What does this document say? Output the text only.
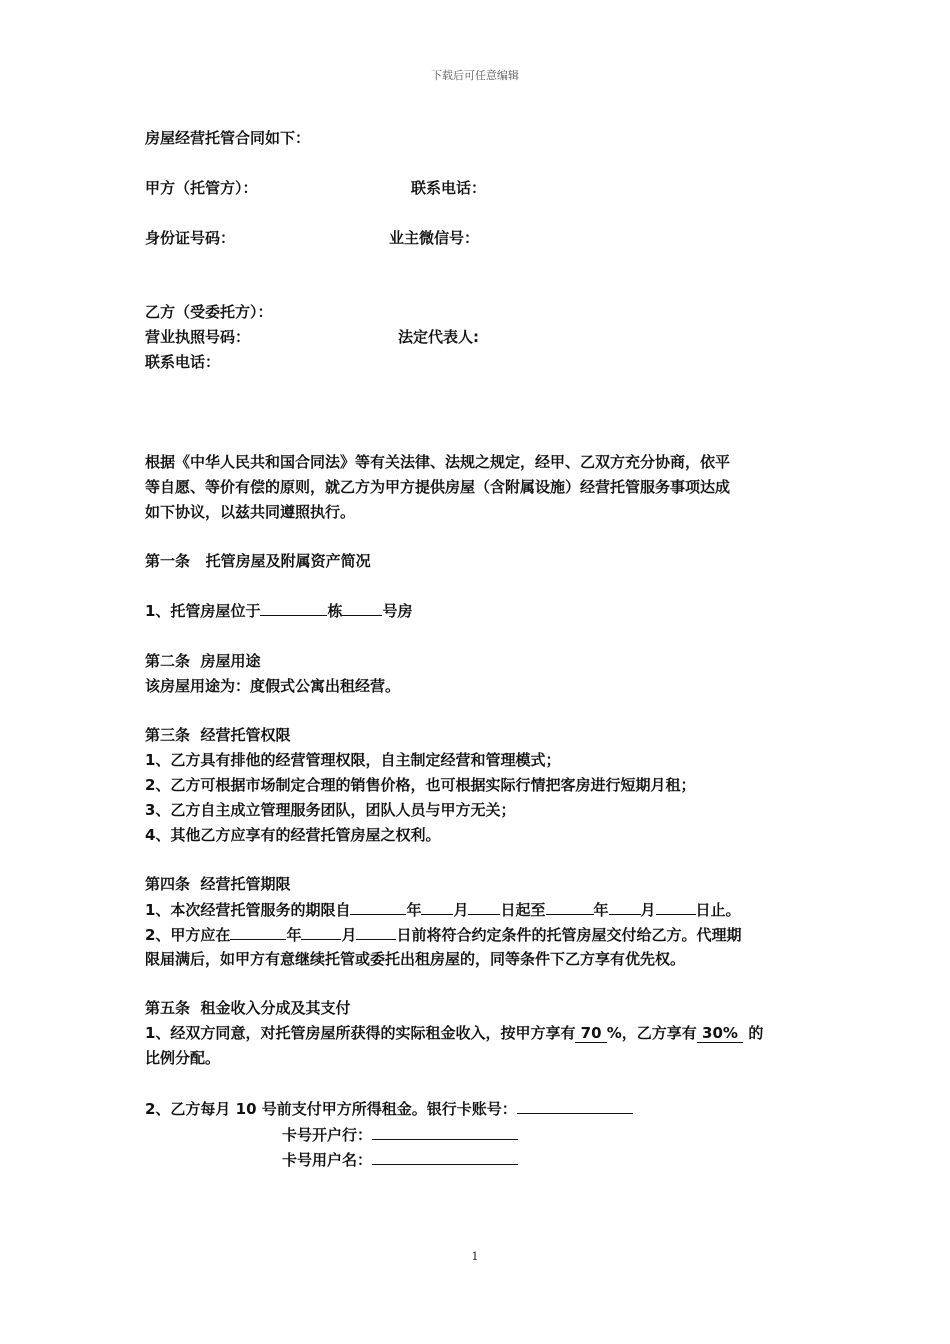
下载后可任意编辑
房屋经营托管合同如下：
甲方（托管方）：	联系电话：
身份证号码：	业主微信号：
乙方（受委托方）：
营业执照号码：	法定代表人:
联系电话：
根据《中华人民共和国合同法》等有关法律、法规之规定，经甲、乙双方充分协商，依平
等自愿、等价有偿的原则，就乙方为甲方提供房屋（含附属设施）经营托管服务事项达成
如下协议，以兹共同遵照执行。
第一条   托管房屋及附属资产简况
1、托管房屋位于	栋	号房
第二条  房屋用途
该房屋用途为：度假式公寓出租经营。
第三条  经营托管权限
1、乙方具有排他的经营管理权限，自主制定经营和管理模式；
2、乙方可根据市场制定合理的销售价格，也可根据实际行情把客房进行短期月租；
3、乙方自主成立管理服务团队，团队人员与甲方无关；
4、其他乙方应享有的经营托管房屋之权利。
第四条  经营托管期限
1、本次经营托管服务的期限自	年 月 日起至	年 月	日止。
2、甲方应在	年	月	日前将符合约定条件的托管房屋交付给乙方。代理期
限届满后，如甲方有意继续托管或委托出租房屋的，同等条件下乙方享有优先权。
第五条  租金收入分成及其支付
1、经双方同意，对托管房屋所获得的实际租金收入，按甲方享有 70 %，乙方享有 30%  的
比例分配。
2、乙方每月 10 号前支付甲方所得租金。银行卡账号：
卡号开户行：
卡号用户名：
1
